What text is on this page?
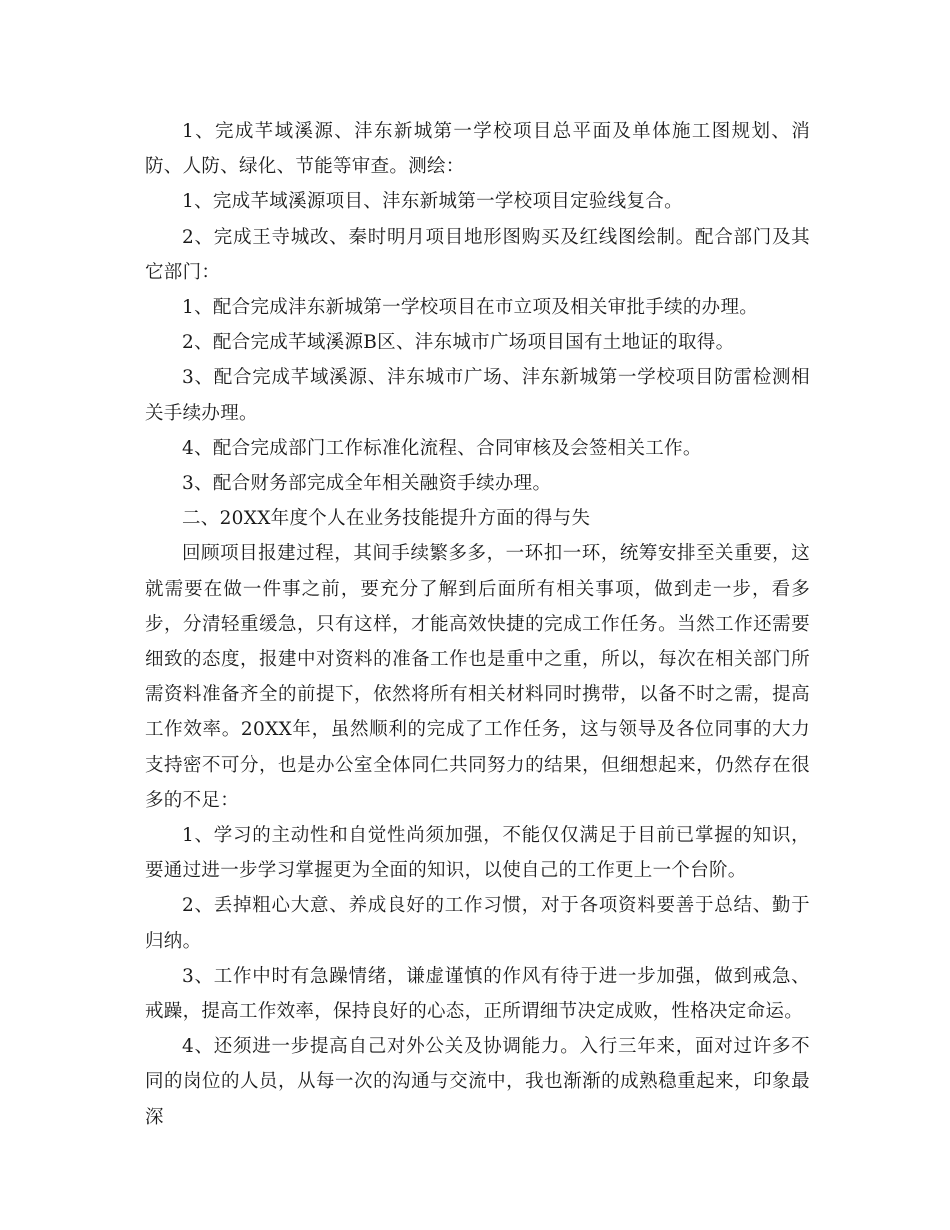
1、完成芊域溪源、沣东新城第一学校项目总平面及单体施工图规划、消防、人防、绿化、节能等审查。测绘：

1、完成芊域溪源项目、沣东新城第一学校项目定验线复合。

2、完成王寺城改、秦时明月项目地形图购买及红线图绘制。配合部门及其它部门：

1、配合完成沣东新城第一学校项目在市立项及相关审批手续的办理。

2、配合完成芊域溪源B区、沣东城市广场项目国有土地证的取得。

3、配合完成芊域溪源、沣东城市广场、沣东新城第一学校项目防雷检测相关手续办理。

4、配合完成部门工作标准化流程、合同审核及会签相关工作。

3、配合财务部完成全年相关融资手续办理。

二、20XX年度个人在业务技能提升方面的得与失

回顾项目报建过程，其间手续繁多多，一环扣一环，统筹安排至关重要，这就需要在做一件事之前，要充分了解到后面所有相关事项，做到走一步，看多步，分清轻重缓急，只有这样，才能高效快捷的完成工作任务。当然工作还需要细致的态度，报建中对资料的准备工作也是重中之重，所以，每次在相关部门所需资料准备齐全的前提下，依然将所有相关材料同时携带，以备不时之需，提高工作效率。20XX年，虽然顺利的完成了工作任务，这与领导及各位同事的大力支持密不可分，也是办公室全体同仁共同努力的结果，但细想起来，仍然存在很多的不足：

1、学习的主动性和自觉性尚须加强，不能仅仅满足于目前已掌握的知识，要通过进一步学习掌握更为全面的知识，以使自己的工作更上一个台阶。

2、丢掉粗心大意、养成良好的工作习惯，对于各项资料要善于总结、勤于归纳。

3、工作中时有急躁情绪，谦虚谨慎的作风有待于进一步加强，做到戒急、戒躁，提高工作效率，保持良好的心态，正所谓细节决定成败，性格决定命运。

4、还须进一步提高自己对外公关及协调能力。入行三年来，面对过许多不同的岗位的人员，从每一次的沟通与交流中，我也渐渐的成熟稳重起来，印象最深
